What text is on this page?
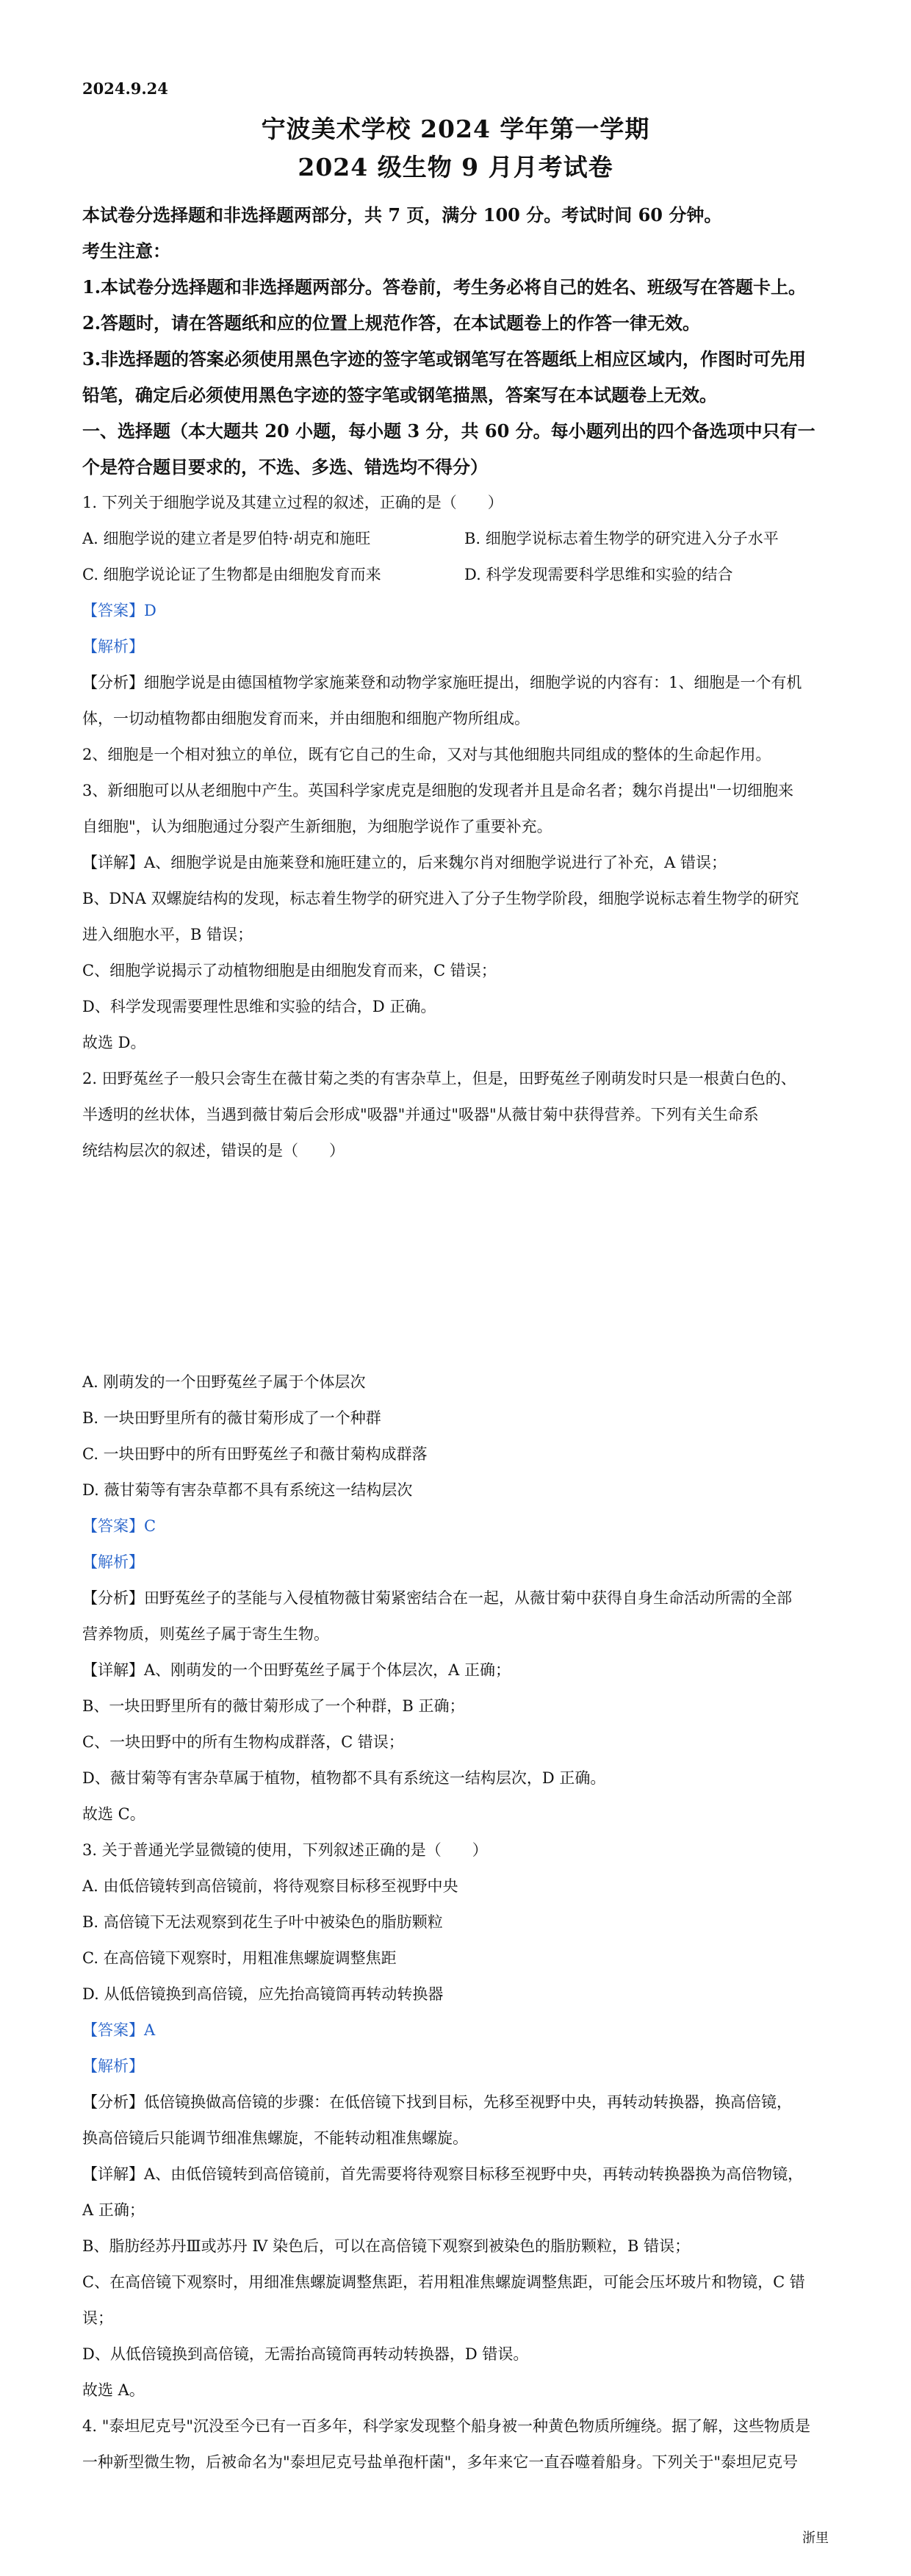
2024.9.24
宁波美术学校 2024 学年第一学期
2024 级生物 9 月月考试卷
本试卷分选择题和非选择题两部分，共 7 页，满分 100 分。考试时间 60 分钟。
考生注意：
1.本试卷分选择题和非选择题两部分。答卷前，考生务必将自己的姓名、班级写在答题卡上。
2.答题时，请在答题纸和应的位置上规范作答，在本试题卷上的作答一律无效。
3.非选择题的答案必须使用黑色字迹的签字笔或钢笔写在答题纸上相应区域内，作图时可先用
铅笔，确定后必须使用黑色字迹的签字笔或钢笔描黑，答案写在本试题卷上无效。
一、选择题（本大题共 20 小题，每小题 3 分，共 60 分。每小题列出的四个备选项中只有一
个是符合题目要求的，不选、多选、错选均不得分）
1. 下列关于细胞学说及其建立过程的叙述，正确的是（　　）
A. 细胞学说的建立者是罗伯特·胡克和施旺	B. 细胞学说标志着生物学的研究进入分子水平
C. 细胞学说论证了生物都是由细胞发育而来	D. 科学发现需要科学思维和实验的结合
【答案】D
【解析】
【分析】细胞学说是由德国植物学家施莱登和动物学家施旺提出，细胞学说的内容有：1、细胞是一个有机
体，一切动植物都由细胞发育而来，并由细胞和细胞产物所组成。
2、细胞是一个相对独立的单位，既有它自己的生命，又对与其他细胞共同组成的整体的生命起作用。
3、新细胞可以从老细胞中产生。英国科学家虎克是细胞的发现者并且是命名者；魏尔肖提出"一切细胞来
自细胞"，认为细胞通过分裂产生新细胞，为细胞学说作了重要补充。
【详解】A、细胞学说是由施莱登和施旺建立的，后来魏尔肖对细胞学说进行了补充，A 错误；
B、DNA 双螺旋结构的发现，标志着生物学的研究进入了分子生物学阶段，细胞学说标志着生物学的研究
进入细胞水平，B 错误；
C、细胞学说揭示了动植物细胞是由细胞发育而来，C 错误；
D、科学发现需要理性思维和实验的结合，D 正确。
故选 D。
2. 田野菟丝子一般只会寄生在薇甘菊之类的有害杂草上，但是，田野菟丝子刚萌发时只是一根黄白色的、
半透明的丝状体，当遇到薇甘菊后会形成"吸器"并通过"吸器"从薇甘菊中获得营养。下列有关生命系
统结构层次的叙述，错误的是（　　）
A. 刚萌发的一个田野菟丝子属于个体层次
B. 一块田野里所有的薇甘菊形成了一个种群
C. 一块田野中的所有田野菟丝子和薇甘菊构成群落
D. 薇甘菊等有害杂草都不具有系统这一结构层次
【答案】C
【解析】
【分析】田野菟丝子的茎能与入侵植物薇甘菊紧密结合在一起，从薇甘菊中获得自身生命活动所需的全部
营养物质，则菟丝子属于寄生生物。
【详解】A、刚萌发的一个田野菟丝子属于个体层次，A 正确；
B、一块田野里所有的薇甘菊形成了一个种群，B 正确；
C、一块田野中的所有生物构成群落，C 错误；
D、薇甘菊等有害杂草属于植物，植物都不具有系统这一结构层次，D 正确。
故选 C。
3. 关于普通光学显微镜的使用，下列叙述正确的是（　　）
A. 由低倍镜转到高倍镜前，将待观察目标移至视野中央
B. 高倍镜下无法观察到花生子叶中被染色的脂肪颗粒
C. 在高倍镜下观察时，用粗准焦螺旋调整焦距
D. 从低倍镜换到高倍镜，应先抬高镜筒再转动转换器
【答案】A
【解析】
【分析】低倍镜换做高倍镜的步骤：在低倍镜下找到目标，先移至视野中央，再转动转换器，换高倍镜，
换高倍镜后只能调节细准焦螺旋，不能转动粗准焦螺旋。
【详解】A、由低倍镜转到高倍镜前，首先需要将待观察目标移至视野中央，再转动转换器换为高倍物镜，
A 正确；
B、脂肪经苏丹Ⅲ或苏丹 Ⅳ 染色后，可以在高倍镜下观察到被染色的脂肪颗粒，B 错误；
C、在高倍镜下观察时，用细准焦螺旋调整焦距，若用粗准焦螺旋调整焦距，可能会压坏玻片和物镜，C 错
误；
D、从低倍镜换到高倍镜，无需抬高镜筒再转动转换器，D 错误。
故选 A。
4. "泰坦尼克号"沉没至今已有一百多年，科学家发现整个船身被一种黄色物质所缠绕。据了解，这些物质是
一种新型微生物，后被命名为"泰坦尼克号盐单孢杆菌"，多年来它一直吞噬着船身。下列关于"泰坦尼克号
浙里
